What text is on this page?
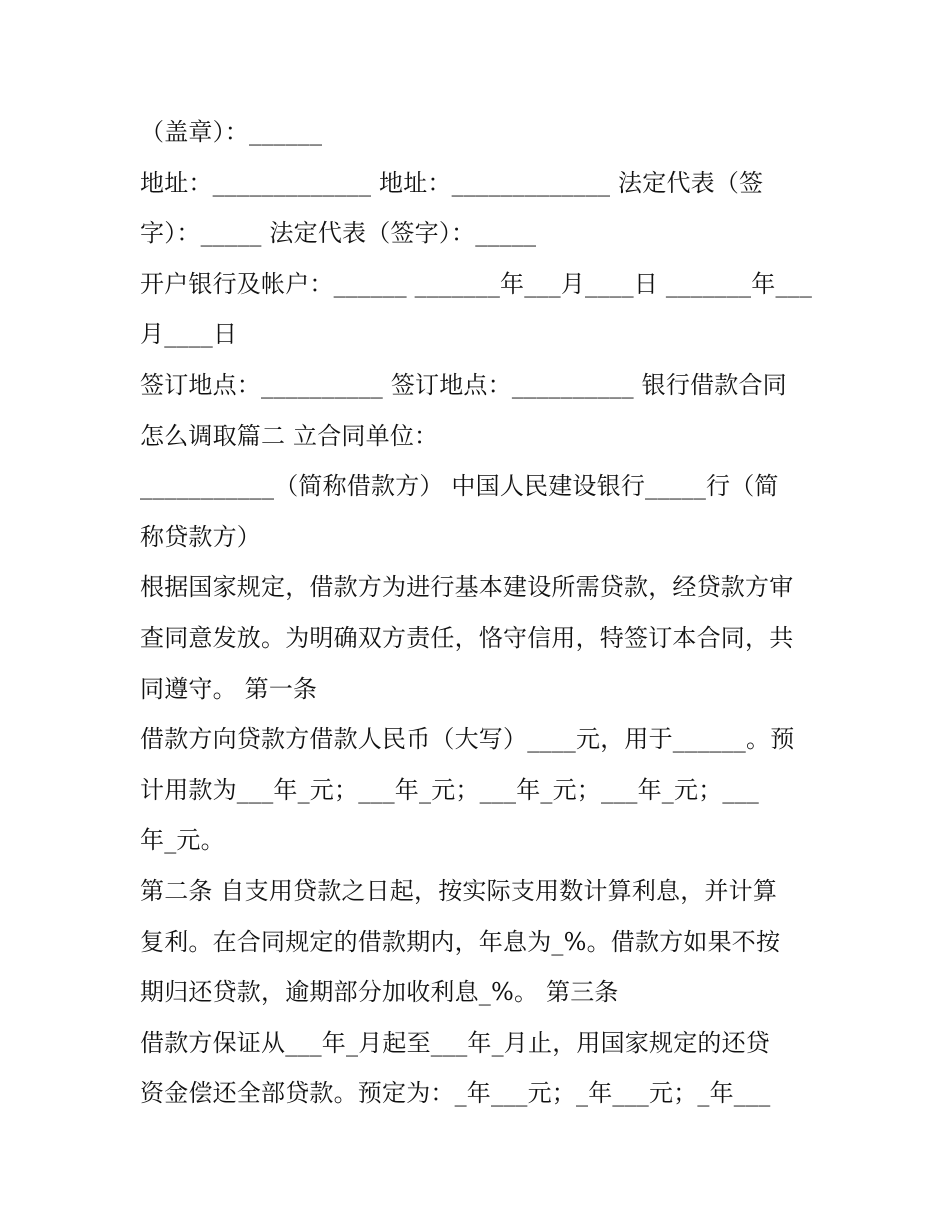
（盖章）：______
地址：_____________ 地址：_____________ 法定代表（签
字）：_____ 法定代表（签字）：_____
开户银行及帐户：______ _______年___月____日 _______年___
月____日
签订地点：__________ 签订地点：__________ 银行借款合同
怎么调取篇二 立合同单位：
___________（简称借款方） 中国人民建设银行_____行（简
称贷款方）
根据国家规定，借款方为进行基本建设所需贷款，经贷款方审
查同意发放。为明确双方责任，恪守信用，特签订本合同，共
同遵守。 第一条
借款方向贷款方借款人民币（大写）____元，用于______。预
计用款为___年_元；___年_元；___年_元；___年_元；___
年_元。
第二条 自支用贷款之日起，按实际支用数计算利息，并计算
复利。在合同规定的借款期内，年息为_%。借款方如果不按
期归还贷款，逾期部分加收利息_%。 第三条
借款方保证从___年_月起至___年_月止，用国家规定的还贷
资金偿还全部贷款。预定为：_年___元；_年___元；_年___
